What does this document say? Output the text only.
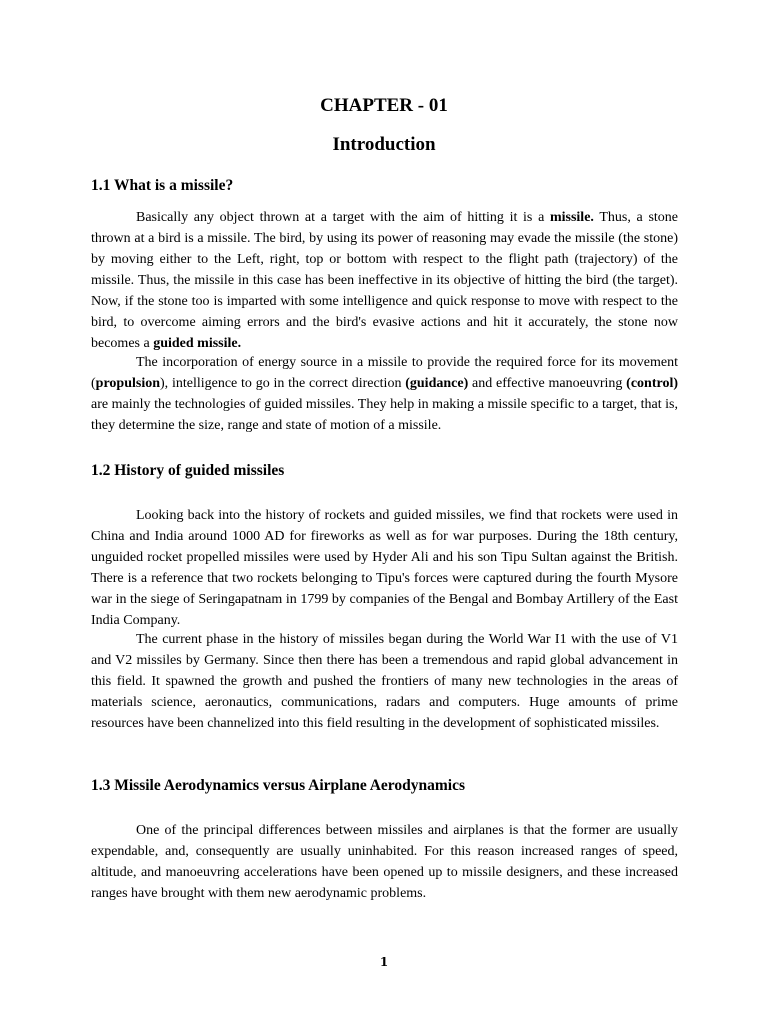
CHAPTER - 01
Introduction
1.1 What is a missile?

Basically any object thrown at a target with the aim of hitting it is a missile. Thus, a stone thrown at a bird is a missile. The bird, by using its power of reasoning may evade the missile (the stone) by moving either to the Left, right, top or bottom with respect to the flight path (trajectory) of the missile. Thus, the missile in this case has been ineffective in its objective of hitting the bird (the target). Now, if the stone too is imparted with some intelligence and quick response to move with respect to the bird, to overcome aiming errors and the bird's evasive actions and hit it accurately, the stone now becomes a guided missile.

The incorporation of energy source in a missile to provide the required force for its movement (propulsion), intelligence to go in the correct direction (guidance) and effective manoeuvring (control) are mainly the technologies of guided missiles. They help in making a missile specific to a target, that is, they determine the size, range and state of motion of a missile.

1.2 History of guided missiles

Looking back into the history of rockets and guided missiles, we find that rockets were used in China and India around 1000 AD for fireworks as well as for war purposes. During the 18th century, unguided rocket propelled missiles were used by Hyder Ali and his son Tipu Sultan against the British. There is a reference that two rockets belonging to Tipu's forces were captured during the fourth Mysore war in the siege of Seringapatnam in 1799 by companies of the Bengal and Bombay Artillery of the East India Company.

The current phase in the history of missiles began during the World War I1 with the use of V1 and V2 missiles by Germany. Since then there has been a tremendous and rapid global advancement in this field. It spawned the growth and pushed the frontiers of many new technologies in the areas of materials science, aeronautics, communications, radars and computers. Huge amounts of prime resources have been channelized into this field resulting in the development of sophisticated missiles.

1.3 Missile Aerodynamics versus Airplane Aerodynamics

One of the principal differences between missiles and airplanes is that the former are usually expendable, and, consequently are usually uninhabited. For this reason increased ranges of speed, altitude, and manoeuvring accelerations have been opened up to missile designers, and these increased ranges have brought with them new aerodynamic problems.

1
